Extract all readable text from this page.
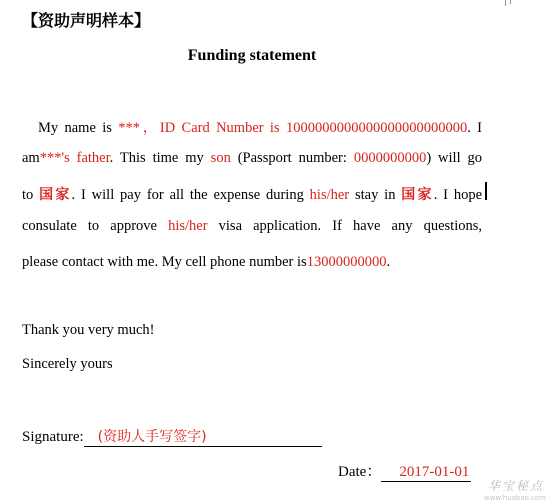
【资助声明样本】
Funding statement
My name is ***，ID Card Number is 1000000000000000000000000. I
am***'s father. This time my son (Passport number: 0000000000) will go
to 国家. I will pay for all the expense during his/her stay in 国家. I hope
consulate to approve his/her visa application. If have any questions,
please contact with me. My cell phone number is13000000000.
Thank you very much!
Sincerely yours
Signature: (资助人手写签字)
Date： 2017-01-01
华宝秘点
www.huabao.com
